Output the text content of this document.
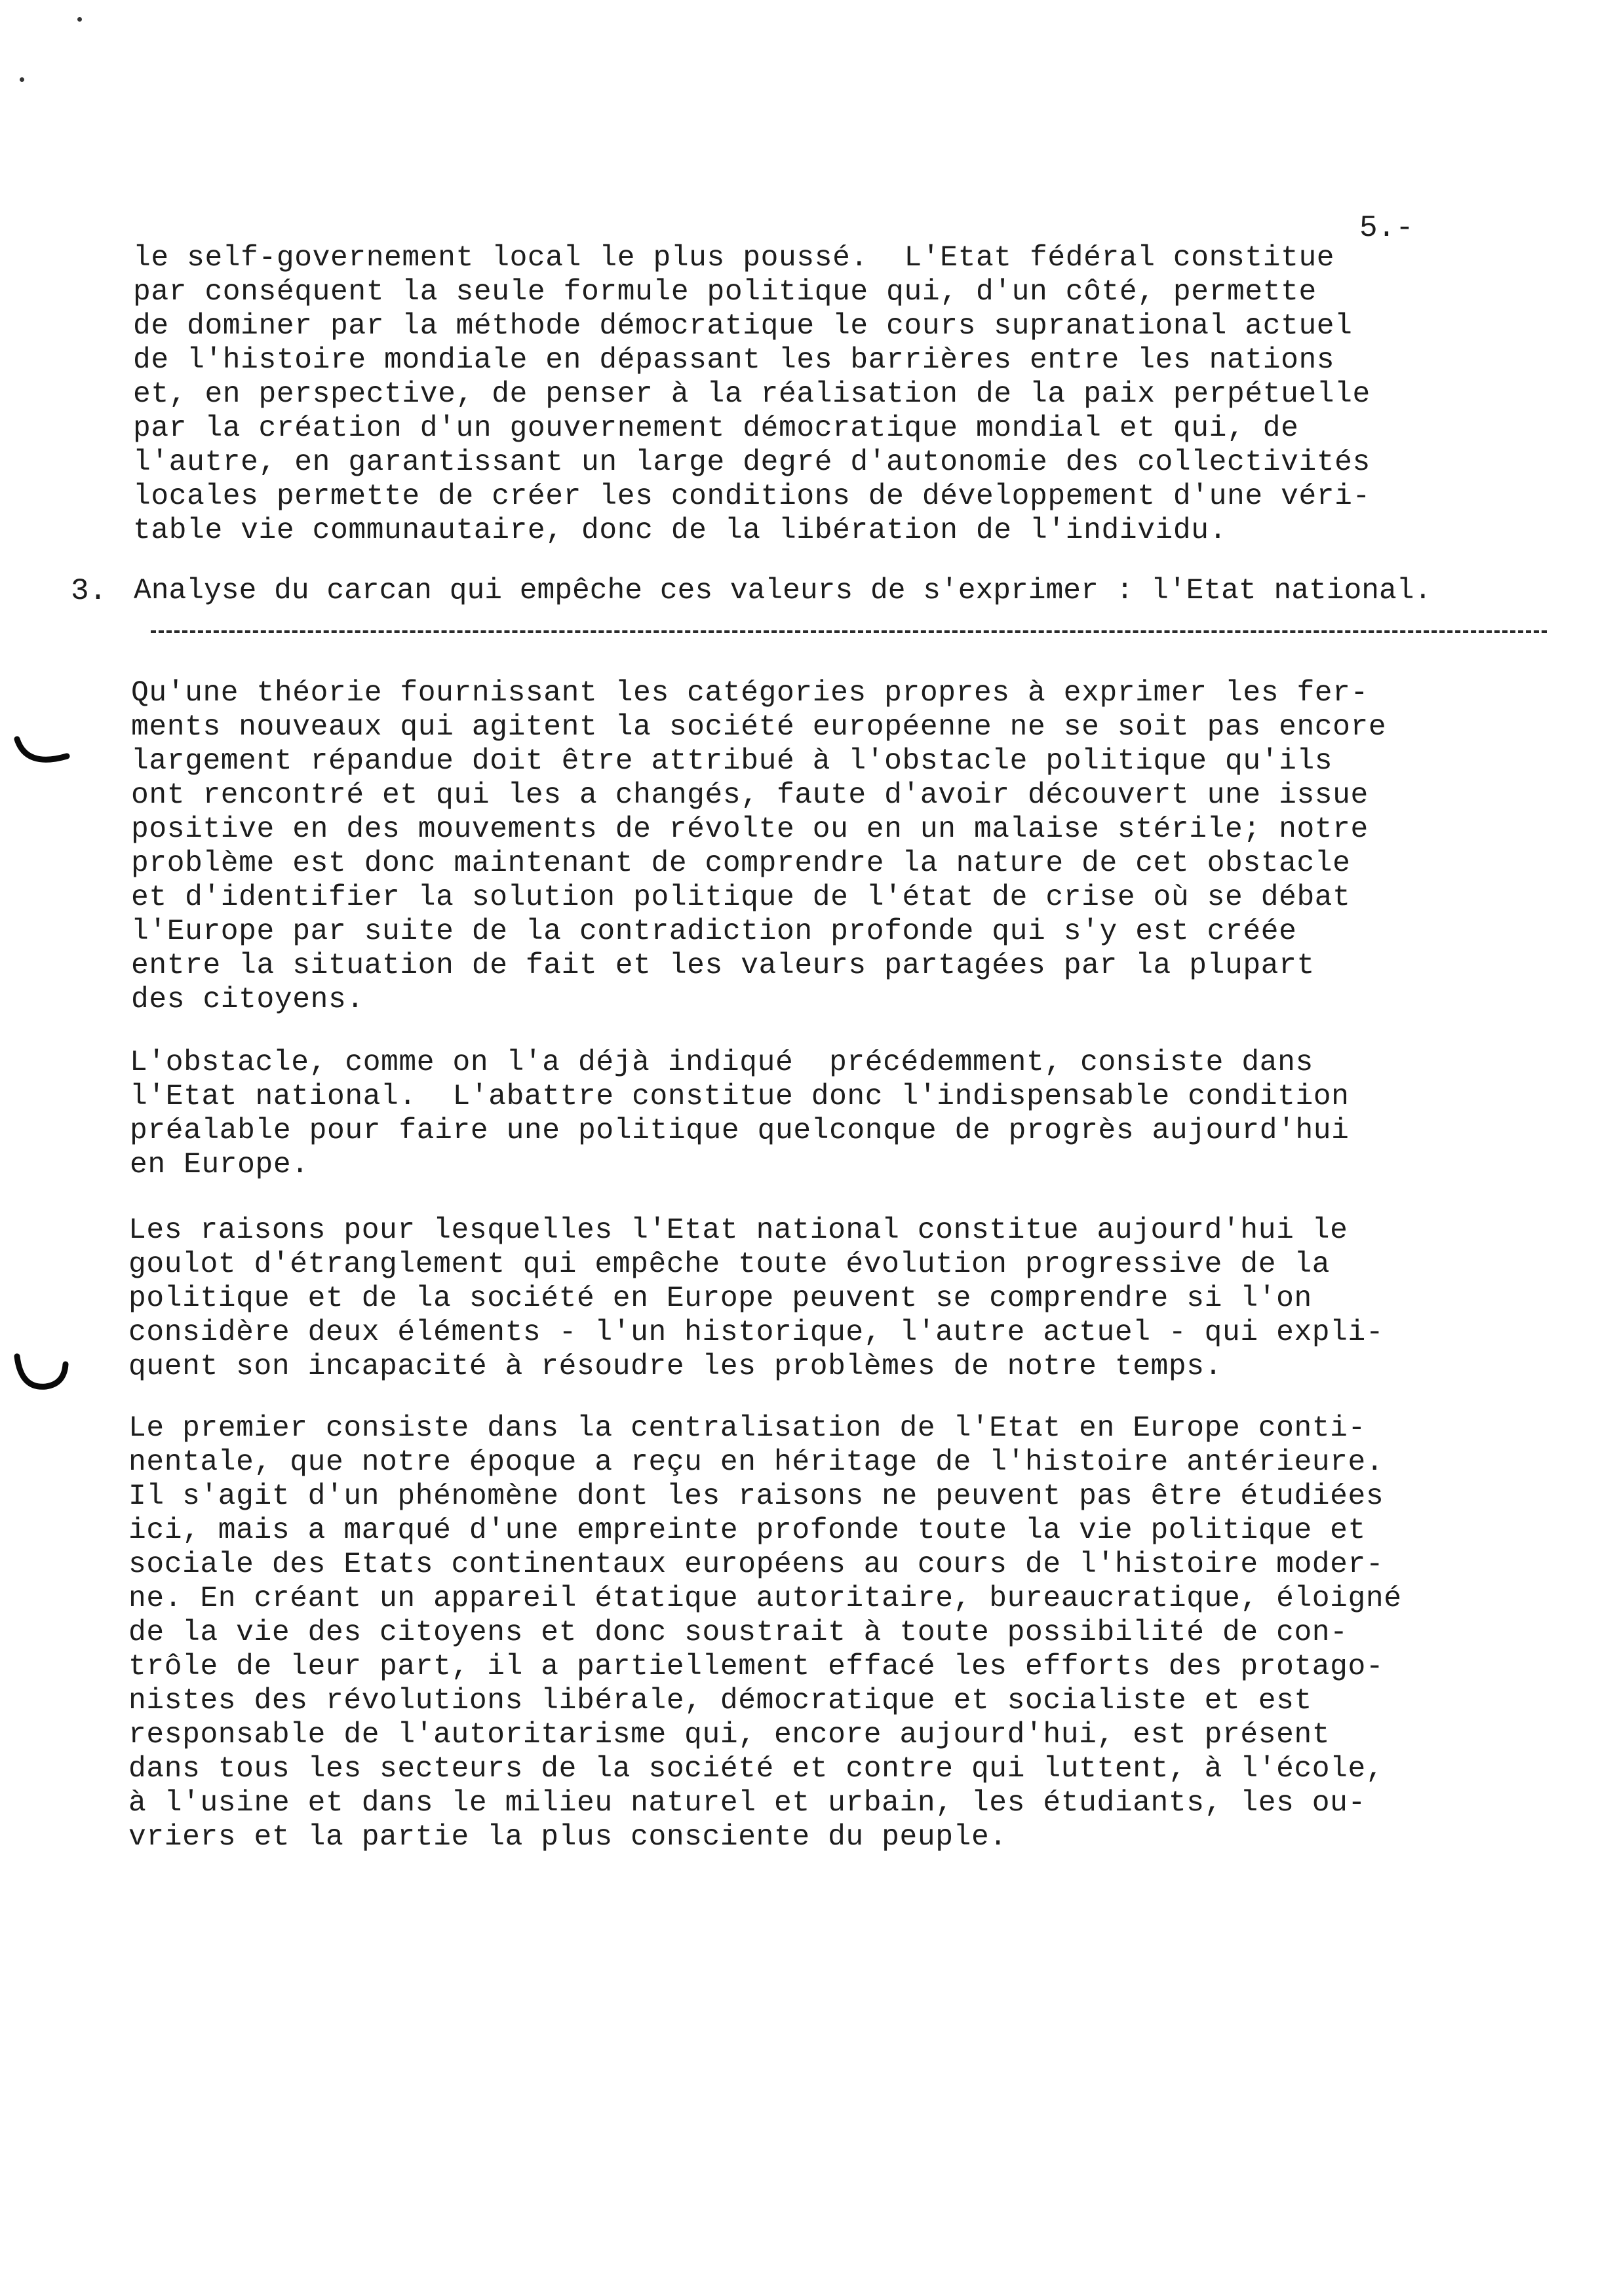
5.-

le self-governement local le plus poussé.  L'Etat fédéral constitue

par conséquent la seule formule politique qui, d'un côté, permette

de dominer par la méthode démocratique le cours supranational actuel

de l'histoire mondiale en dépassant les barrières entre les nations

et, en perspective, de penser à la réalisation de la paix perpétuelle

par la création d'un gouvernement démocratique mondial et qui, de

l'autre, en garantissant un large degré d'autonomie des collectivités

locales permette de créer les conditions de développement d'une véri-

table vie communautaire, donc de la libération de l'individu.

3. Analyse du carcan qui empêche ces valeurs de s'exprimer : l'Etat national.

Qu'une théorie fournissant les catégories propres à exprimer les fer-

ments nouveaux qui agitent la société européenne ne se soit pas encore

largement répandue doit être attribué à l'obstacle politique qu'ils

ont rencontré et qui les a changés, faute d'avoir découvert une issue

positive en des mouvements de révolte ou en un malaise stérile; notre

problème est donc maintenant de comprendre la nature de cet obstacle

et d'identifier la solution politique de l'état de crise où se débat

l'Europe par suite de la contradiction profonde qui s'y est créée

entre la situation de fait et les valeurs partagées par la plupart

des citoyens.

L'obstacle, comme on l'a déjà indiqué  précédemment, consiste dans

l'Etat national.  L'abattre constitue donc l'indispensable condition

préalable pour faire une politique quelconque de progrès aujourd'hui

en Europe.

Les raisons pour lesquelles l'Etat national constitue aujourd'hui le

goulot d'étranglement qui empêche toute évolution progressive de la

politique et de la société en Europe peuvent se comprendre si l'on

considère deux éléments - l'un historique, l'autre actuel - qui expli-

quent son incapacité à résoudre les problèmes de notre temps.

Le premier consiste dans la centralisation de l'Etat en Europe conti-

nentale, que notre époque a reçu en héritage de l'histoire antérieure.

Il s'agit d'un phénomène dont les raisons ne peuvent pas être étudiées

ici, mais a marqué d'une empreinte profonde toute la vie politique et

sociale des Etats continentaux européens au cours de l'histoire moder-

ne. En créant un appareil étatique autoritaire, bureaucratique, éloigné

de la vie des citoyens et donc soustrait à toute possibilité de con-

trôle de leur part, il a partiellement effacé les efforts des protago-

nistes des révolutions libérale, démocratique et socialiste et est

responsable de l'autoritarisme qui, encore aujourd'hui, est présent

dans tous les secteurs de la société et contre qui luttent, à l'école,

à l'usine et dans le milieu naturel et urbain, les étudiants, les ou-

vriers et la partie la plus consciente du peuple.
